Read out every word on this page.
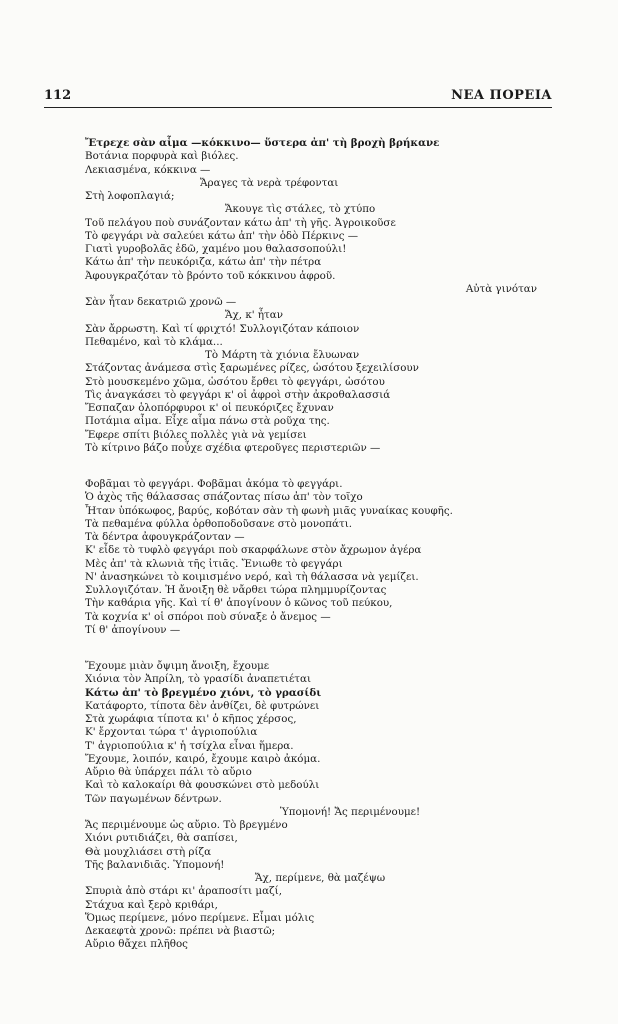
112	ΝΕΑ ΠΟΡΕΙΑ
Ἔτρεχε σὰν αἷμα —κόκκινο— ὕστερα ἀπ' τὴ βροχὴ βρήκανε
Βοτάνια πορφυρὰ καὶ βιόλες.
Λεκιασμένα, κόκκινα —
Ἄραγες τὰ νερὰ τρέφονται
Στὴ λοφοπλαγιά;
Ἄκουγε τὶς στάλες, τὸ χτύπο
Τοῦ πελάγου ποὺ συνάζονταν κάτω ἀπ' τὴ γῆς. Ἀγροικοῦσε
Τὸ φεγγάρι νὰ σαλεύει κάτω ἀπ' τὴν ὁδὸ Πέρκινς —
Γιατὶ γυροβολᾶς ἐδῶ, χαμένο μου θαλασσοπούλι!
Κάτω ἀπ' τὴν πευκόριζα, κάτω ἀπ' τὴν πέτρα
Ἀφουγκραζόταν τὸ βρόντο τοῦ κόκκινου ἀφροῦ.
Αὐτὰ γινόταν
Σὰν ἦταν δεκατριῶ χρονῶ —
Ἄχ, κ' ἦταν
Σὰν ἄρρωστη. Καὶ τί φριχτό! Συλλογιζόταν κάποιον
Πεθαμένο, καὶ τὸ κλάμα...
Τὸ Μάρτη τὰ χιόνια ἔλυωναν
Στάζοντας ἀνάμεσα στὶς ξαρωμένες ρίζες, ὡσότου ξεχειλίσουν
Στὸ μουσκεμένο χῶμα, ὡσότου ἔρθει τὸ φεγγάρι, ὡσότου
Τὶς ἀναγκάσει τὸ φεγγάρι κ' οἱ ἀφροὶ στὴν ἀκροθαλασσιά
Ἔσπαζαν ὁλοπόρφυροι κ' οἱ πευκόριζες ἔχυναν
Ποτάμια αἷμα. Εἶχε αἷμα πάνω στὰ ροῦχα της.
Ἔφερε σπίτι βιόλες πολλὲς γιὰ νὰ γεμίσει
Τὸ κίτρινο βάζο ποὖχε σχέδια φτεροῦγες περιστεριῶν —
Φοβᾶμαι τὸ φεγγάρι. Φοβᾶμαι ἀκόμα τὸ φεγγάρι.
Ὁ ἀχὸς τῆς θάλασσας σπάζοντας πίσω ἀπ' τὸν τοῖχο
Ἦταν ὑπόκωφος, βαρύς, κοβόταν σὰν τὴ φωνὴ μιᾶς γυναίκας κουφῆς.
Τὰ πεθαμένα φύλλα ὀρθοποδοῦσανε στὸ μονοπάτι.
Τὰ δέντρα ἀφουγκράζονταν —
Κ' εἶδε τὸ τυφλὸ φεγγάρι ποὺ σκαρφάλωνε στὸν ἄχρωμον ἀγέρα
Μὲς ἀπ' τὰ κλωνιὰ τῆς ἰτιᾶς. Ἔνιωθε τὸ φεγγάρι
Ν' ἀνασηκώνει τὸ κοιμισμένο νερό, καὶ τὴ θάλασσα νὰ γεμίζει.
Συλλογιζόταν. Ἡ ἄνοιξη θὲ νἄρθει τώρα πλημμυρίζοντας
Τὴν καθάρια γῆς. Καὶ τί θ' ἀπογίνουν ὁ κῶνος τοῦ πεύκου,
Τὰ κοχνία κ' οἱ σπόροι ποὺ σύναξε ὁ ἄνεμος —
Τί θ' ἀπογίνουν —
Ἔχουμε μιὰν ὄψιμη ἄνοιξη, ἔχουμε
Χιόνια τὸν Ἀπρίλη, τὸ γρασίδι ἀναπετιέται
Κάτω ἀπ' τὸ βρεγμένο χιόνι, τὸ γρασίδι
Κατάφορτο, τίποτα δὲν ἀνθίζει, δὲ φυτρώνει
Στὰ χωράφια τίποτα κι' ὁ κῆπος χέρσος,
Κ' ἔρχονται τώρα τ' ἀγριοπούλια
Τ' ἀγριοπούλια κ' ἡ τσίχλα εἶναι ἥμερα.
Ἔχουμε, λοιπόν, καιρό, ἔχουμε καιρὸ ἀκόμα.
Αὔριο θὰ ὑπάρχει πάλι τὸ αὔριο
Καὶ τὸ καλοκαίρι θὰ φουσκώνει στὸ μεδούλι
Τῶν παγωμένων δέντρων.
Ὑπομονή! Ἄς περιμένουμε!
Ἄς περιμένουμε ὡς αὔριο. Τὸ βρεγμένο
Χιόνι ρυτιδιάζει, θὰ σαπίσει,
Θὰ μουχλιάσει στὴ ρίζα
Τῆς βαλανιδιᾶς. Ὑπομονή!
Ἄχ, περίμενε, θὰ μαζέψω
Σπυριὰ ἀπὸ στάρι κι' ἀραποσίτι μαζί,
Στάχυα καὶ ξερὸ κριθάρι,
Ὅμως περίμενε, μόνο περίμενε. Εἶμαι μόλις
Δεκαεφτὰ χρονῶ: πρέπει νὰ βιαστῶ;
Αὔριο θἄχει πλῆθος
